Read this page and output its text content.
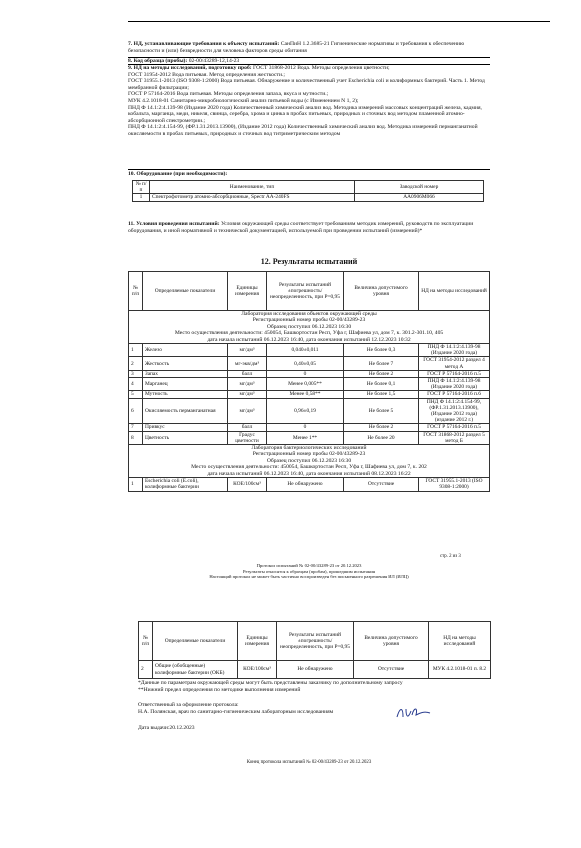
7. НД, устанавливающие требования к объекту испытаний: СанПиН 1.2.3685-21 Гигиенические нормативы и требования к обеспечению безопасности и (или) безвредности для человека факторов среды обитания
8. Код образца (пробы): 02-00/43289-12,14-23
9. НД на методы исследований, подготовку проб: ГОСТ 31868-2012 Вода. Методы определения цветности;
ГОСТ 31954-2012 Вода питьевая. Метод определения жесткости.;
ГОСТ 31955.1-2013 (ISO 9308-1:2000) Вода питьевая. Обнаружение и количественный учет Escherichia coli и колиформных бактерий. Часть 1. Метод мембранной фильтрации;
ГОСТ Р 57164-2016 Вода питьевая. Методы определения запаха, вкуса и мутности.;
МУК 4.2.1018-01 Санитарно-микробиологический анализ питьевой воды (с Изменением N 1, 2);
ПНД Ф 14.1:2:4.139-98 (Издание 2020 года) Количественный химический анализ вод. Методика измерений массовых концентраций железа, кадмия, кобальта, марганца, меди, никеля, свинца, серебра, хрома и цинка в пробах питьевых, природных и сточных вод методом пламенной атомно-абсорбционной спектрометрии.;
ПНД Ф 14.1:2:4.154-99, (ФР.1.31.2013.13900), (Издание 2012 года) Количественный химический анализ вод. Методика измерений перманганатной окисляемости в пробах питьевых, природных и сточных вод титриметрическим методом
10. Оборудование (при необходимости):
№ п/п	Наименование, тип	Заводской номер
1	Спектрофотометр атомно-абсорбционные, Spectr AA-240FS	AA0906M066
11. Условия проведения испытаний: Условия окружающей среды соответствует требованиям методик измерений, руководств по эксплуатации оборудования, и иной нормативной и технической документацией, используемой при проведении испытаний (измерений)*
12. Результаты испытаний
№ п/п	Определяемые показатели	Единицы измерения	Результаты испытаний ±погрешность/ неопределенность, при P=0,95	Величина допустимого уровня	НД на методы исследований
Лаборатория исследования объектов окружающей среды
Регистрационный номер пробы 02-00/43289-23
Образец поступил 06.12.2023 16:30
Место осуществления деятельности: 450054, Башкортостан Респ, Уфа г, Шафиева ул, дом 7, к. 301.2-301.10, 405
дата начала испытаний 06.12.2023 16:40, дата окончания испытаний 12.12.2023 10:32					
1	Железо	мг/дм³	0,040±0,011	Не более 0,3	ПНД Ф 14.1:2:4.139-98 (Издание 2020 года)
2	Жесткость	мг-экв/дм³	0,40±0,05	Не более 7	ГОСТ 31954-2012 раздел 4 метод А
3	Запах	балл	0	Не более 2	ГОСТ Р 57164-2016 п.5
4	Марганец	мг/дм³	Менее 0,005**	Не более 0,1	ПНД Ф 14.1:2:4.139-98 (Издание 2020 года)
5	Мутность	мг/дм³	Менее 0,58**	Не более 1,5	ГОСТ Р 57164-2016 п.6
6	Окисляемость перманганатная	мг/дм³	0,96±0,19	Не более 5	ПНД Ф 14.1:2:4.154-99, (ФР.1.31.2013.13900), (Издание 2012 года) (издание 2012 г.)
7	Привкус	балл	0	Не более 2	ГОСТ Р 57164-2016 п.5
8	Цветность	Градус цветности	Менее 1**	Не более 20	ГОСТ 31868-2012 раздел 5 метод Б
Лаборатория бактериологических исследований
Регистрационный номер пробы 02-00/43289-23
Образец поступил 06.12.2023 16:30
Место осуществления деятельности: 450054, Башкортостан Респ, Уфа г, Шафиева ул, дом 7, к. 202
дата начала испытаний 06.12.2023 16:40, дата окончания испытаний 08.12.2023 16:22					
1	Escherichia coli (E.coli), колиформные бактерии	КОЕ/100см³	Не обнаружено	Отсутствие	ГОСТ 31955.1-2013 (ISO 9308-1:2000)
стр. 2 из 3
Протокол испытаний № 02-00/43289-23 от 20.12.2023
Результаты относятся к образцам (пробам), прошедшим испытания
Настоящий протокол не может быть частично воспроизведен без письменного разрешения ИЛ (ИЛЦ)
№ п/п	Определяемые показатели	Единицы измерения	Результаты испытаний ±погрешность/ неопределенность, при P=0,95	Величина допустимого уровня	НД на методы исследований
2	Общие (обобщенные) колиформные бактерии (ОКБ)	КОЕ/100см³	Не обнаружено	Отсутствие	МУК 4.2.1018-01 п. 8.2
*Данные по параметрам окружающей среды могут быть представлены заказчику по дополнительному запросу
**Нижний предел определения по методике выполнения измерений
Ответственный за оформление протокола:
Н.А. Полянская, врач по санитарно-гигиеническим лабораторным исследованиям
Дата выдачи:20.12.2023
Конец протокола испытаний № 02-00/43289-23 от 20.12.2023
